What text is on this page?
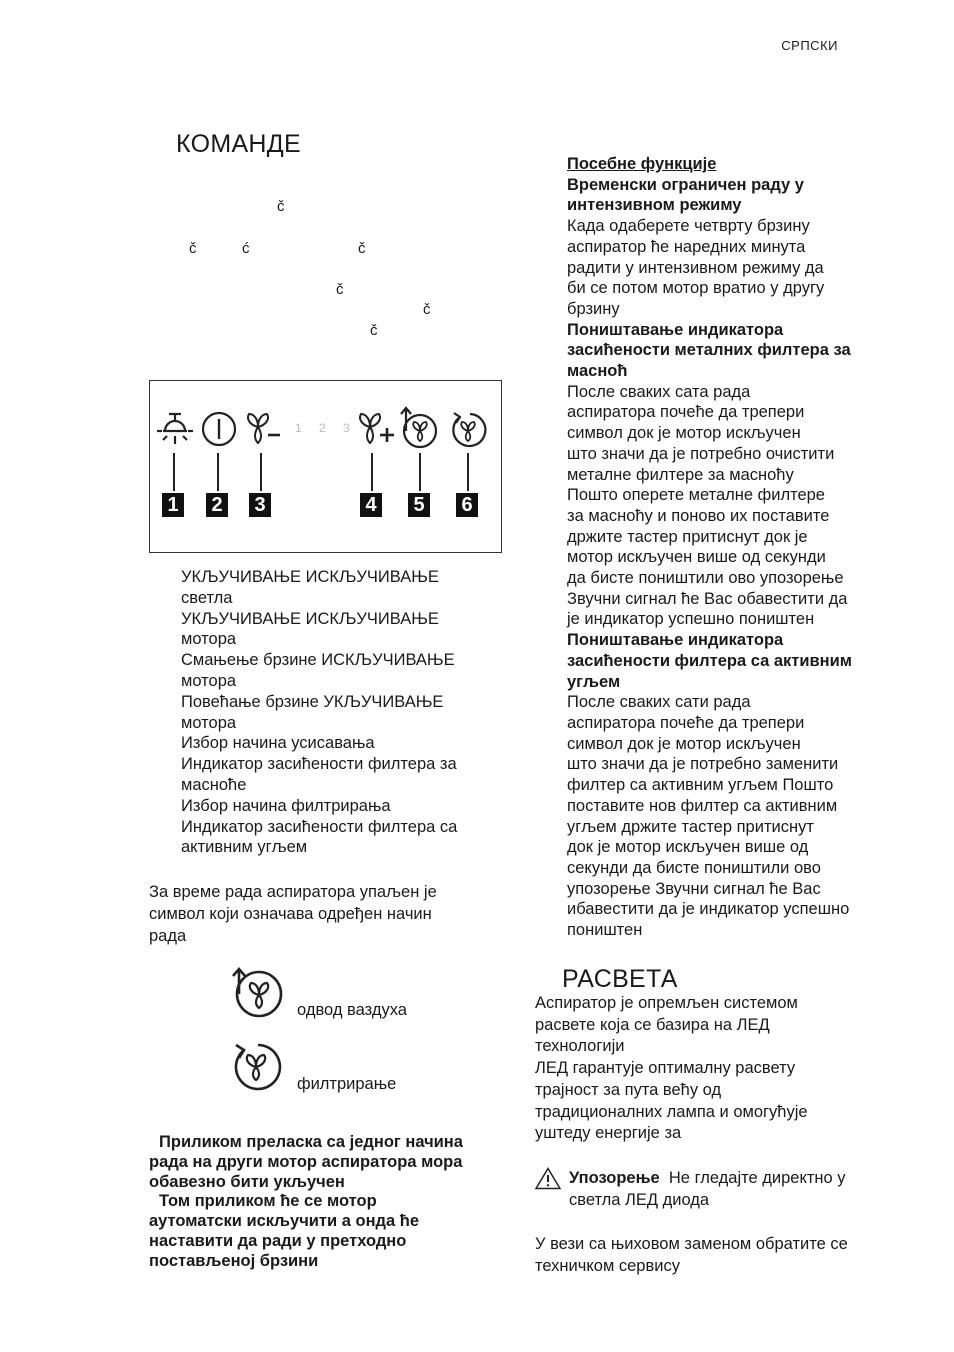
СРПСКИ
КОМАНДЕ
č
č	ć	č
č
č
č
1 2 3 4
1 2 3	4 5 6
УКЉУЧИВАЊЕ ИСКЉУЧИВАЊЕ
светла
УКЉУЧИВАЊЕ ИСКЉУЧИВАЊЕ
мотора
Смањење брзине ИСКЉУЧИВАЊЕ
мотора
Повећање брзине УКЉУЧИВАЊЕ
мотора
Избор начина усисавања
Индикатор засићености филтера за
масноће
Избор начина филтрирања
Индикатор засићености филтера са
активним угљем
За време рада аспиратора упаљен је
символ који означава одређен начин
рада
одвод ваздуха
филтрирање
Приликом преласка са једног начина
рада на други мотор аспиратора мора
обавезно бити укључен
Том приликом ће се мотор
аутоматски искључити а онда ће
наставити да ради у претходно
постављеној брзини
Посебне функције
Временски ограничен раду у
интензивном режиму
Када одаберете четврту брзину
аспиратор ће наредних минута
радити у интензивном режиму да
би се потом мотор вратио у другу
брзину
Поништавање индикатора
засићености металних филтера за
масноћ
После сваких сата рада
аспиратора почеће да трепери
символ док је мотор искључен
што значи да је потребно очистити
металне филтере за масноћу
Пошто оперете металне филтере
за масноћу и поново их поставите
држите тастер притиснут док је
мотор искључен више од секунди
да бисте поништили ово упозорење
Звучни сигнал ће Вас обавестити да
је индикатор успешно поништен
Поништавање индикатора
засићености филтера са активним
угљем
После сваких сати рада
аспиратора почеће да трепери
символ док је мотор искључен
што значи да је потребно заменити
филтер са активним угљем Пошто
поставите нов филтер са активним
угљем држите тастер притиснут
док је мотор искључен више од
секунди да бисте поништили ово
упозорење Звучни сигнал ће Вас
ибавестити да је индикатор успешно
поништен
РАСВЕТА
Аспиратор је опремљен системом
расвете која се базира на ЛЕД
технологији
ЛЕД гарантује оптималну расвету
трајност за пута већу од
традиционалних лампа и омогућује
уштеду енергије за
Упозорење Не гледајте директно у
светла ЛЕД диода
У вези са њиховом заменом обратите се
техничком сервису
